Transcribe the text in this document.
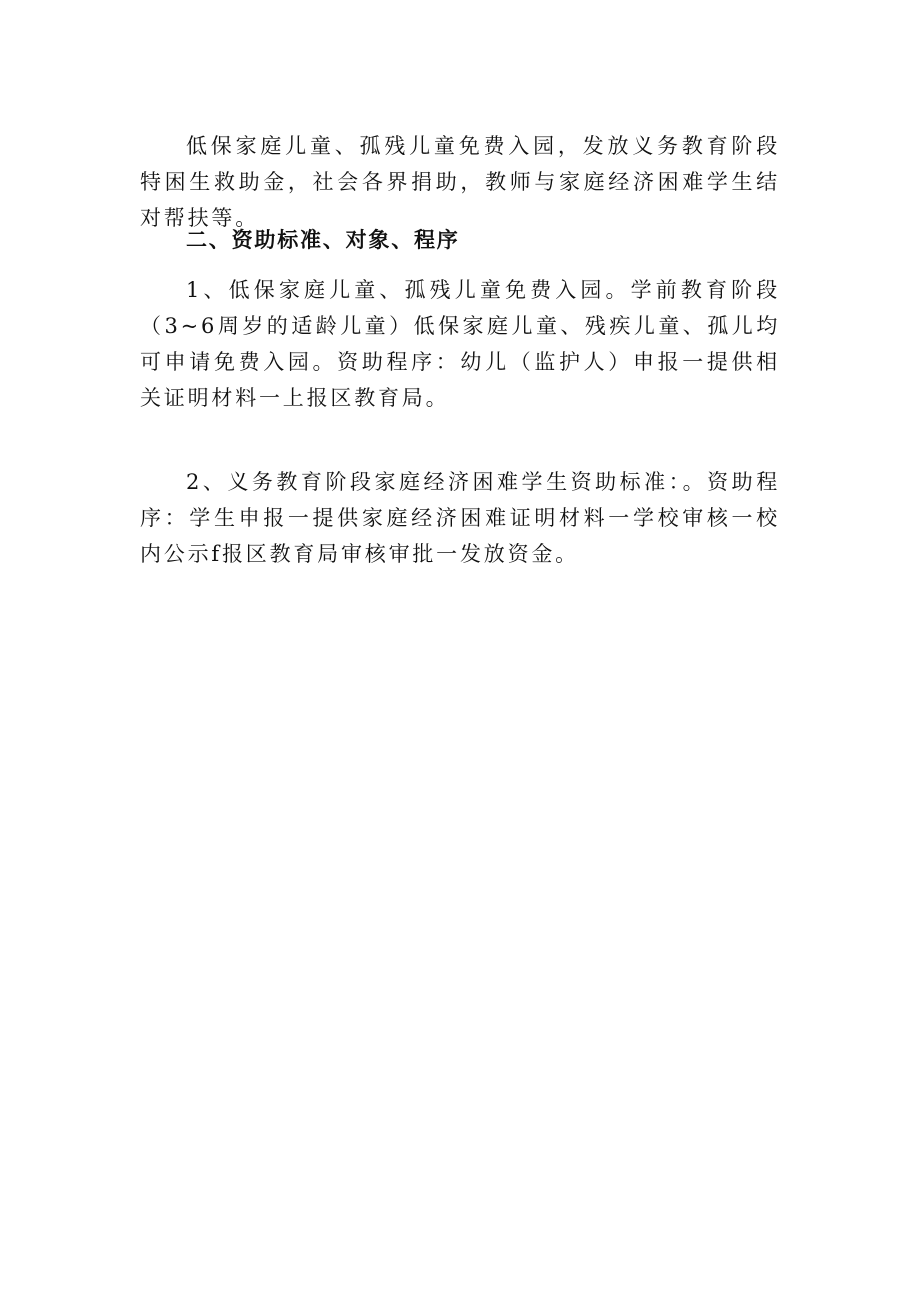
低保家庭儿童、孤残儿童免费入园，发放义务教育阶段特困生救助金，社会各界捐助，教师与家庭经济困难学生结对帮扶等。

二、资助标准、对象、程序

1、低保家庭儿童、孤残儿童免费入园。学前教育阶段（3~6周岁的适龄儿童）低保家庭儿童、残疾儿童、孤儿均可申请免费入园。资助程序：幼儿（监护人）申报一提供相关证明材料一上报区教育局。

2、义务教育阶段家庭经济困难学生资助标准：。资助程序：学生申报一提供家庭经济困难证明材料一学校审核一校内公示f报区教育局审核审批一发放资金。
